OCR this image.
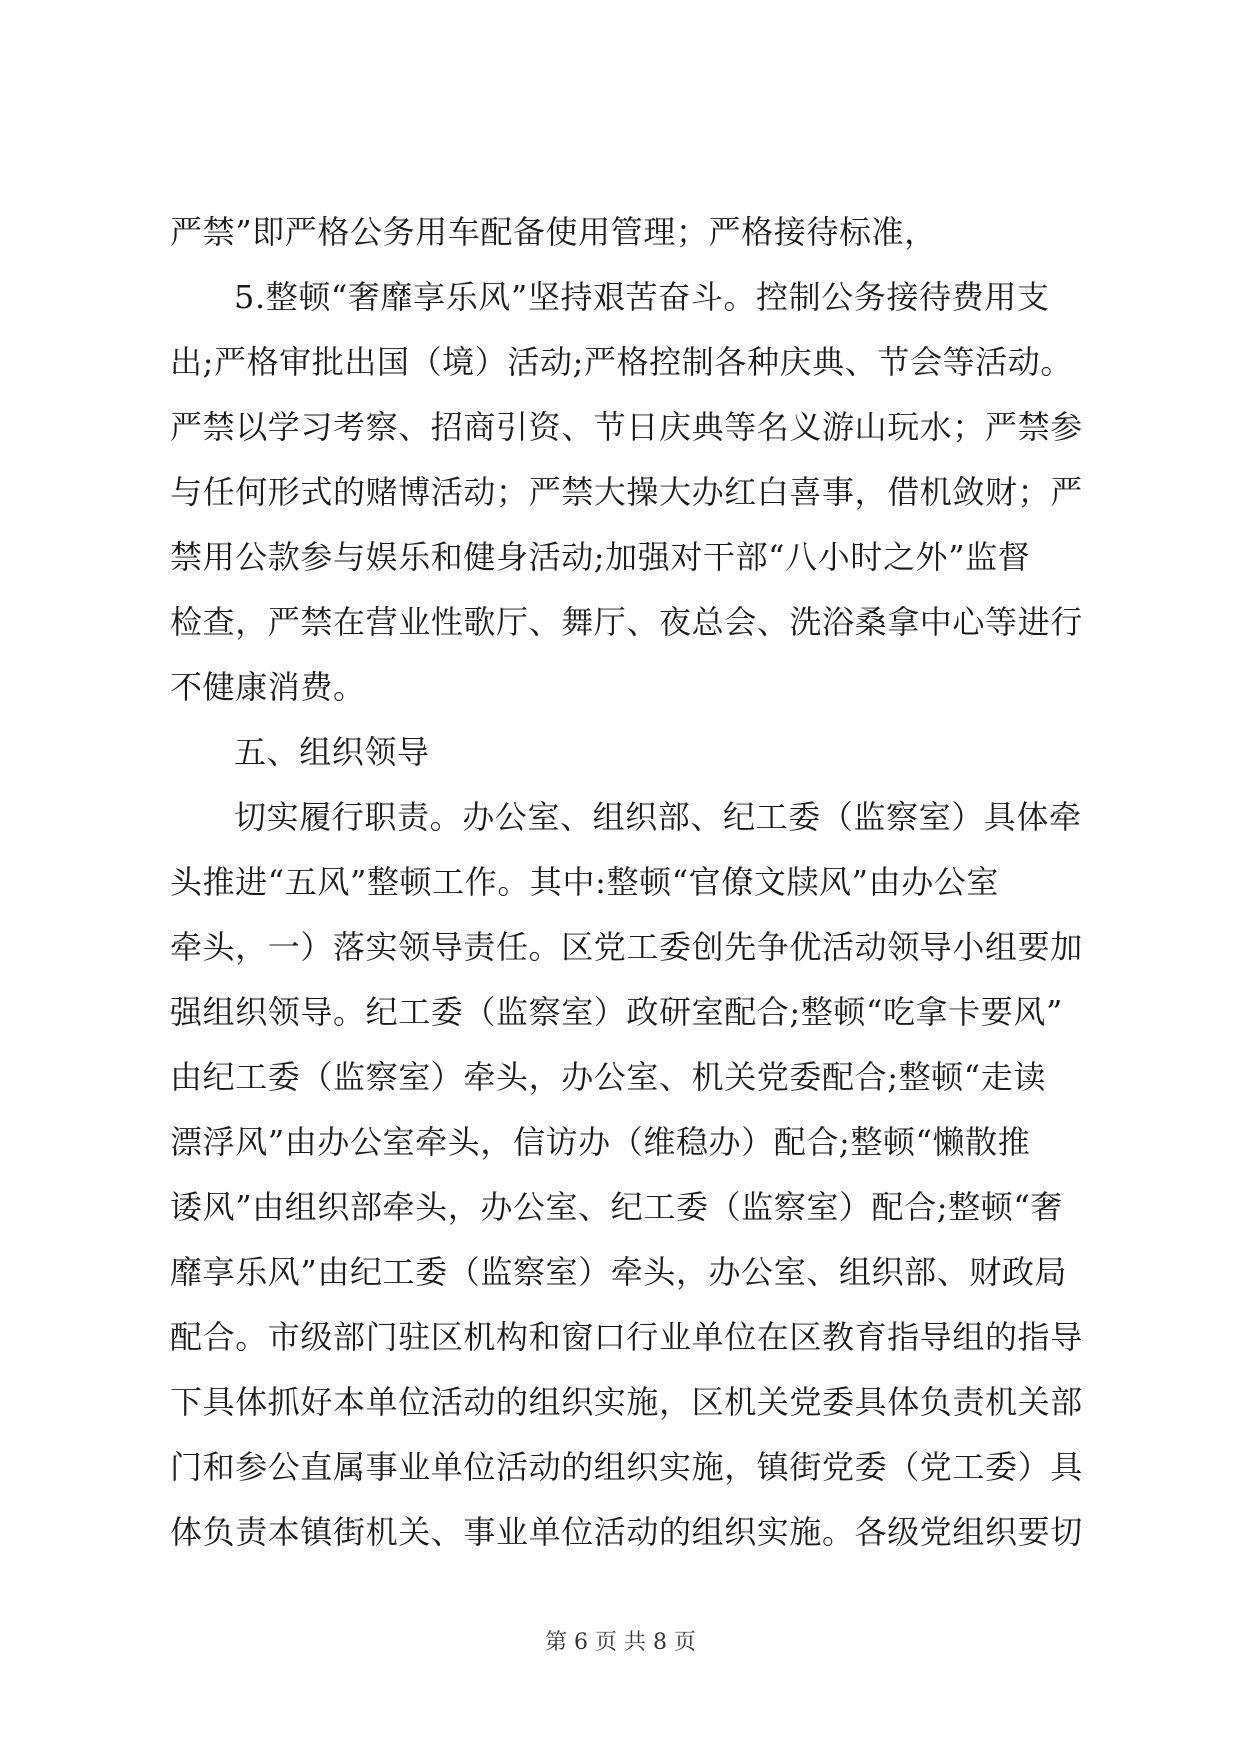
严禁”即严格公务用车配备使用管理；严格接待标准，
5.整顿“奢靡享乐风”坚持艰苦奋斗。控制公务接待费用支
出;严格审批出国（境）活动;严格控制各种庆典、节会等活动。
严禁以学习考察、招商引资、节日庆典等名义游山玩水；严禁参
与任何形式的赌博活动；严禁大操大办红白喜事，借机敛财；严
禁用公款参与娱乐和健身活动;加强对干部“八小时之外”监督
检查，严禁在营业性歌厅、舞厅、夜总会、洗浴桑拿中心等进行
不健康消费。
五、组织领导
切实履行职责。办公室、组织部、纪工委（监察室）具体牵
头推进“五风”整顿工作。其中:整顿“官僚文牍风”由办公室
牵头，一）落实领导责任。区党工委创先争优活动领导小组要加
强组织领导。纪工委（监察室）政研室配合;整顿“吃拿卡要风”
由纪工委（监察室）牵头，办公室、机关党委配合;整顿“走读
漂浮风”由办公室牵头，信访办（维稳办）配合;整顿“懒散推
诿风”由组织部牵头，办公室、纪工委（监察室）配合;整顿“奢
靡享乐风”由纪工委（监察室）牵头，办公室、组织部、财政局
配合。市级部门驻区机构和窗口行业单位在区教育指导组的指导
下具体抓好本单位活动的组织实施，区机关党委具体负责机关部
门和参公直属事业单位活动的组织实施，镇街党委（党工委）具
体负责本镇街机关、事业单位活动的组织实施。各级党组织要切
第 6 页 共 8 页
